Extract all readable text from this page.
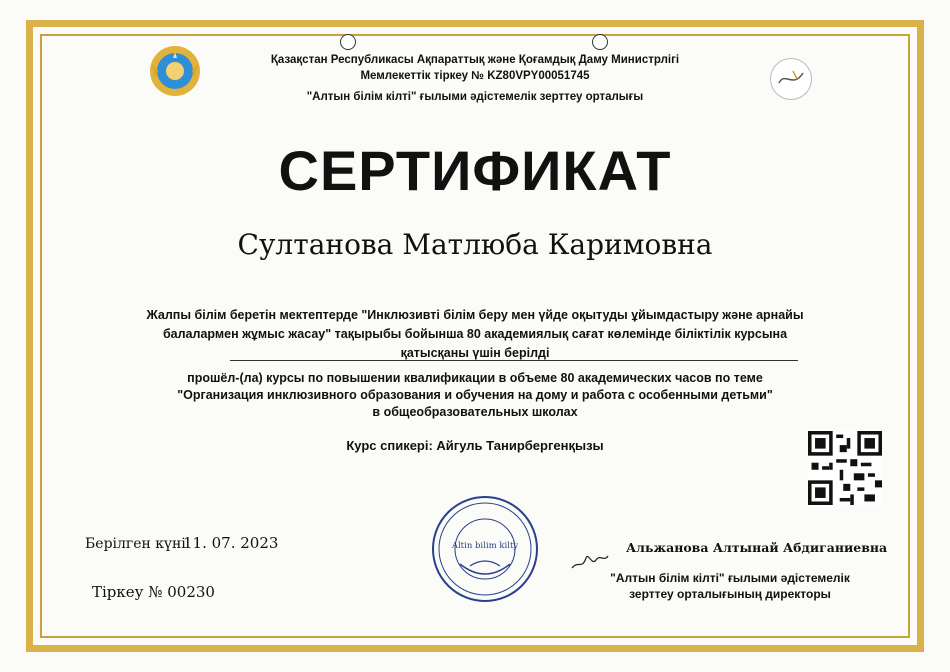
Қазақстан Республикасы Ақпараттық және Қоғамдық Даму Министрлігі
Мемлекеттік тіркеу № KZ80VPY00051745
"Алтын білім кілті" ғылыми әдістемелік зерттеу орталығы
СЕРТИФИКАТ
Султанова Матлюба Каримовна
Жалпы білім беретін мектептерде "Инклюзивті білім беру мен үйде оқытуды ұйымдастыру және арнайы
балалармен жұмыс жасау" тақырыбы бойынша 80 академиялық сағат көлемінде біліктілік курсына
қатысқаны үшін берілді
прошёл-(ла) курсы по повышении квалификации в объеме 80 академических часов по теме
"Организация инклюзивного образования и обучения на дому и работа с особенными детьми"
в общеобразовательных школах
Курс спикері: Айгуль Танирбергенқызы
Altin bilim kilty
Берілген күні
11. 07. 2023
Тіркеу № 00230
Альжанова Алтынай Абдиганиевна
"Алтын білім кілті" ғылыми әдістемелік
зерттеу орталығының директоры
